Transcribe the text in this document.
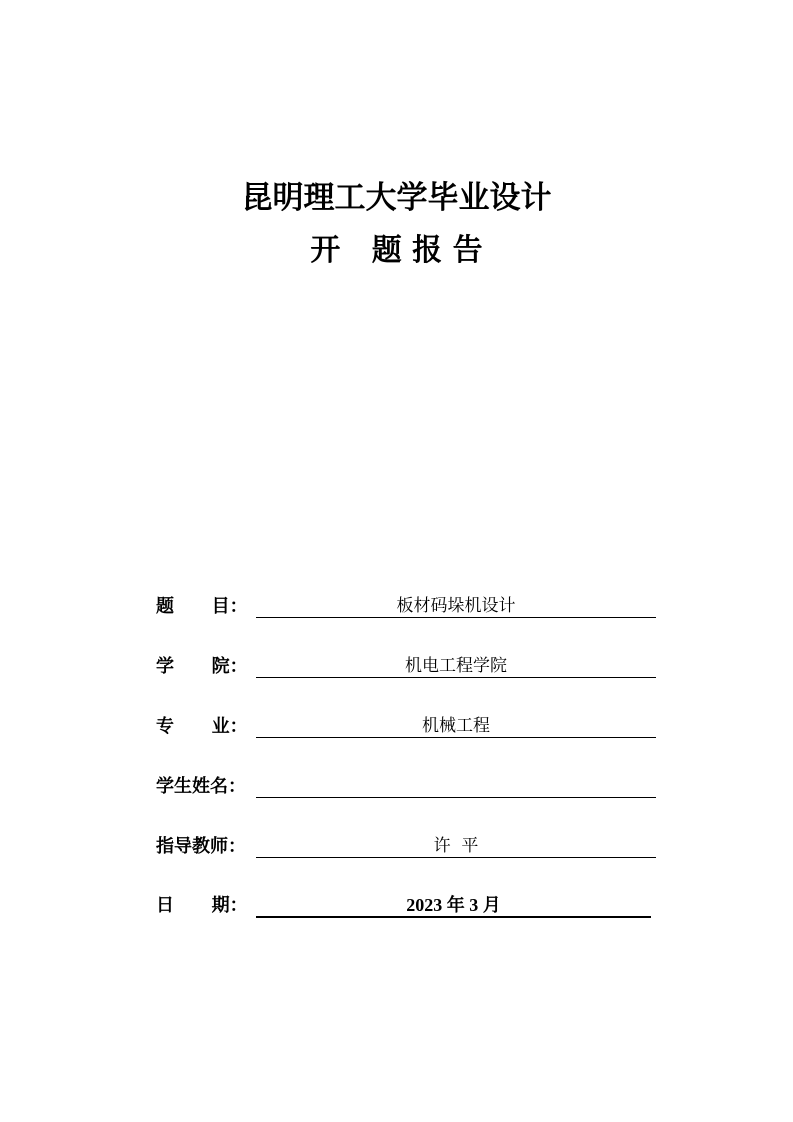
昆明理工大学毕业设计
开   题 报 告
题      目：	板材码垛机设计
学      院：	机电工程学院
专      业：	机械工程
学生姓名：
指导教师：	许  平
日      期：	2023 年 3 月
